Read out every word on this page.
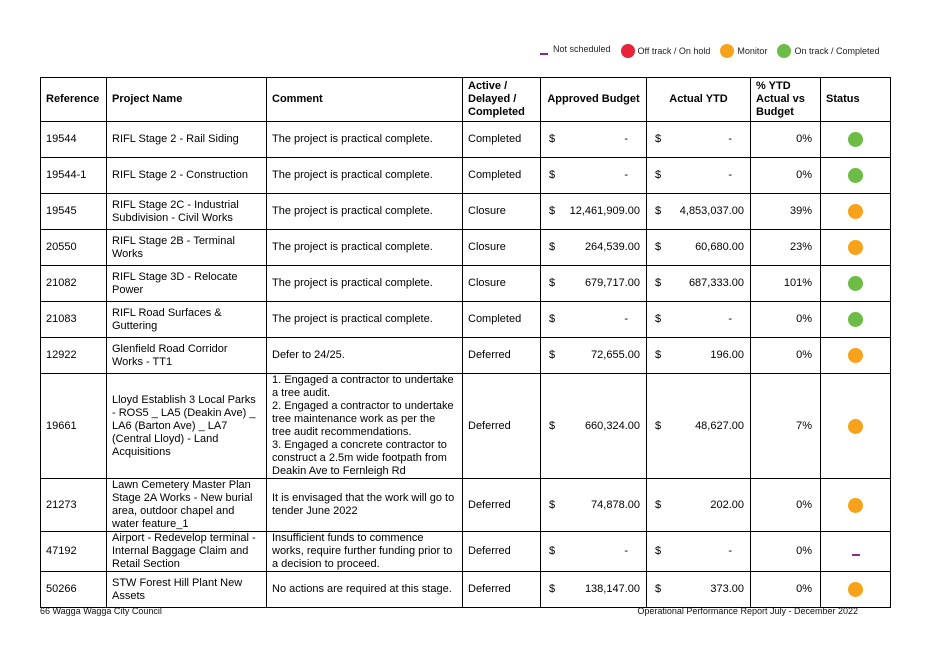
Not scheduled	Off track / On hold	Monitor	On track / Completed
Reference	Project Name	Comment	Active / Delayed / Completed	Approved Budget	Actual YTD	% YTD Actual vs Budget	Status
19544	RIFL Stage 2 - Rail Siding	The project is practical complete.	Completed	$ -	$ -	0%	
19544-1	RIFL Stage 2 - Construction	The project is practical complete.	Completed	$ -	$ -	0%	
19545	RIFL Stage 2C - Industrial Subdivision - Civil Works	The project is practical complete.	Closure	$ 12,461,909.00	$ 4,853,037.00	39%	
20550	RIFL Stage 2B - Terminal Works	The project is practical complete.	Closure	$ 264,539.00	$ 60,680.00	23%	
21082	RIFL Stage 3D - Relocate Power	The project is practical complete.	Closure	$ 679,717.00	$ 687,333.00	101%	
21083	RIFL Road Surfaces & Guttering	The project is practical complete.	Completed	$ -	$ -	0%	
12922	Glenfield Road Corridor Works - TT1	Defer to 24/25.	Deferred	$ 72,655.00	$ 196.00	0%	
19661	Lloyd Establish 3 Local Parks - ROS5 _ LA5 (Deakin Ave) _ LA6 (Barton Ave) _ LA7 (Central Lloyd) - Land Acquisitions	1. Engaged a contractor to undertake a tree audit.
2. Engaged a contractor to undertake tree maintenance work as per the tree audit recommendations.
3. Engaged a concrete contractor to construct a 2.5m wide footpath from Deakin Ave to Fernleigh Rd	Deferred	$ 660,324.00	$ 48,627.00	7%	
21273	Lawn Cemetery Master Plan Stage 2A Works - New burial area, outdoor chapel and water feature_1	It is envisaged that the work will go to tender June 2022	Deferred	$ 74,878.00	$ 202.00	0%	
47192	Airport - Redevelop terminal - Internal Baggage Claim and Retail Section	Insufficient funds to commence works, require further funding prior to a decision to proceed.	Deferred	$ -	$ -	0%	
50266	STW Forest Hill Plant New Assets	No actions are required at this stage.	Deferred	$ 138,147.00	$ 373.00	0%	
66 Wagga Wagga City Council	Operational Performance Report July - December 2022
